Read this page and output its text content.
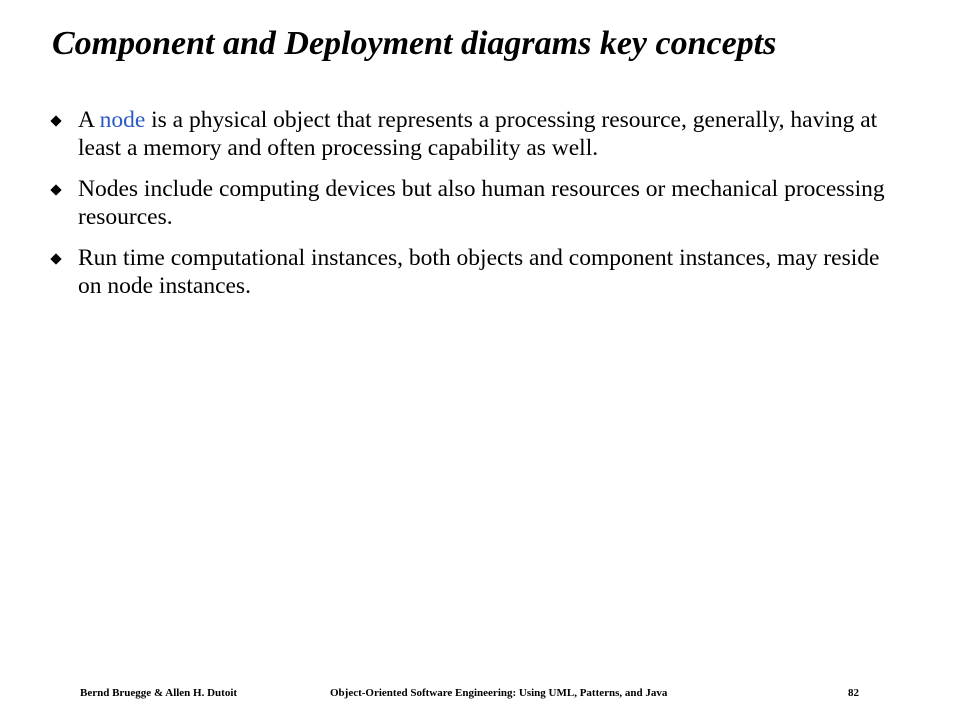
Component and Deployment diagrams key concepts
A node is a physical object that represents a processing resource, generally, having at least a memory and often processing capability as well.
Nodes include computing devices but also human resources or mechanical processing resources.
Run time computational instances, both objects and component instances, may reside on node instances.
Bernd Bruegge & Allen H. Dutoit	Object-Oriented Software Engineering: Using UML, Patterns, and Java	82
